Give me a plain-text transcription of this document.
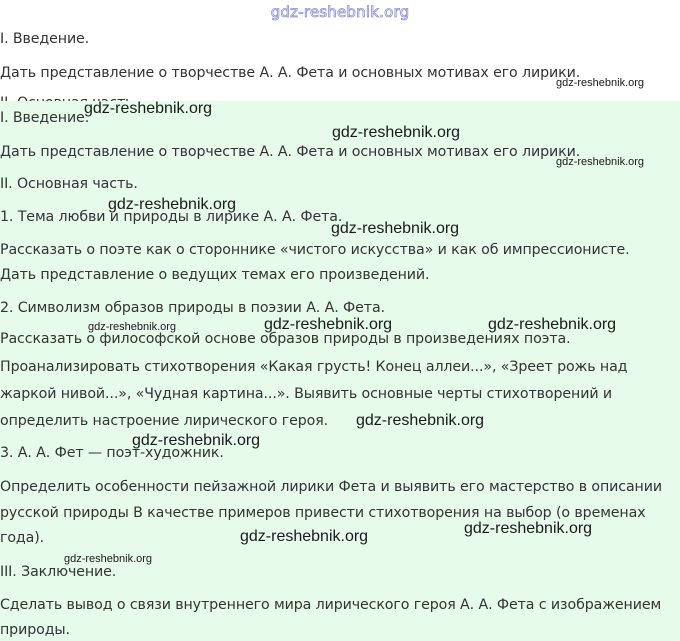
gdz-reshebnik.org

I. Введение.

Дать представление о творчестве А. А. Фета и основных мотивах его лирики.

I. Введение.

Дать представление о творчестве А. А. Фета и основных мотивах его лирики.

II. Основная часть.

1. Тема любви и природы в лирике А. А. Фета.

Рассказать о поэте как о стороннике «чистого искусства» и как об импрессионисте.

Дать представление о ведущих темах его произведений.

2. Символизм образов природы в поэзии А. А. Фета.

Рассказать о философской основе образов природы в произведениях поэта.

Проанализировать стихотворения «Какая грусть! Конец аллеи...», «Зреет рожь над

жаркой нивой...», «Чудная картина...». Выявить основные черты стихотворений и

определить настроение лирического героя.

3. А. А. Фет — поэт-художник.

Определить особенности пейзажной лирики Фета и выявить его мастерство в описании

русской природы В качестве примеров привести стихотворения на выбор (о временах

года).

III. Заключение.

Сделать вывод о связи внутреннего мира лирического героя А. А. Фета с изображением

природы.

gdz-reshebnik.org
gdz-reshebnik.org
gdz-reshebnik.org
gdz-reshebnik.org
gdz-reshebnik.org
gdz-reshebnik.org
gdz-reshebnik.org	gdz-reshebnik.org	gdz-reshebnik.org
gdz-reshebnik.org
gdz-reshebnik.org
gdz-reshebnik.org
gdz-reshebnik.org
gdz-reshebnik.org
